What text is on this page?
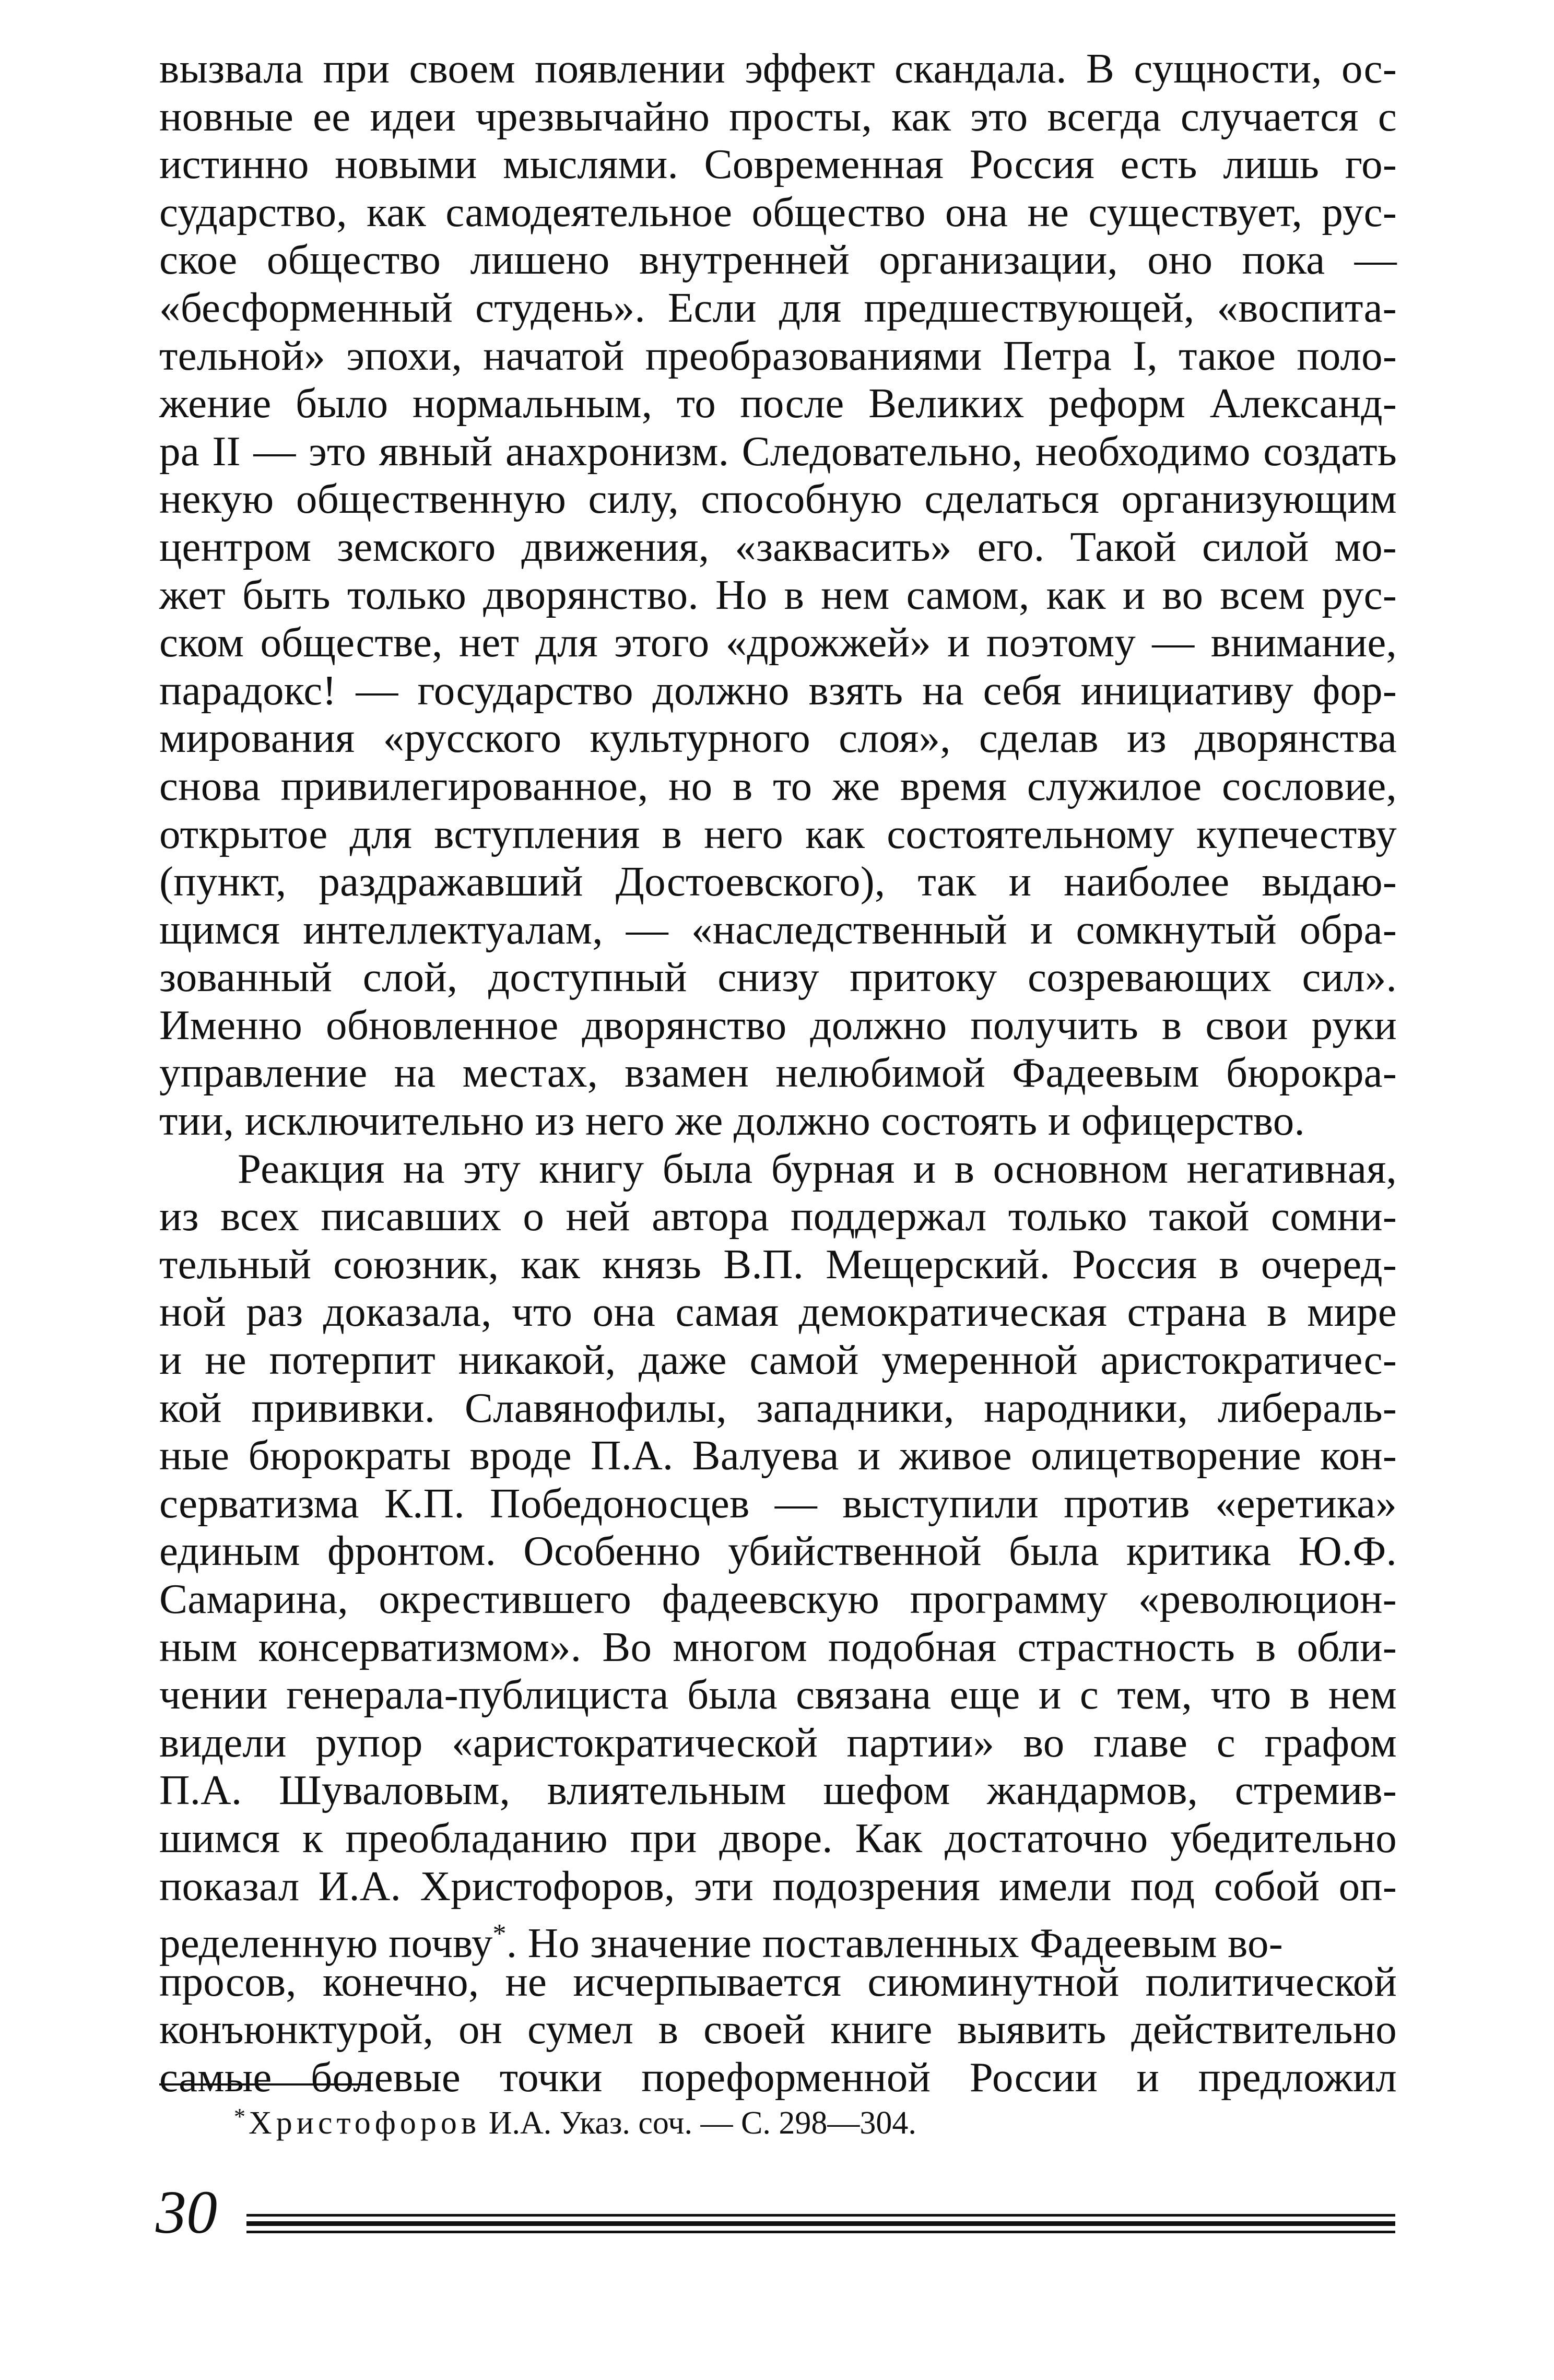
вызвала при своем появлении эффект скандала. В сущности, ос-
новные ее идеи чрезвычайно просты, как это всегда случается с
истинно новыми мыслями. Современная Россия есть лишь го-
сударство, как самодеятельное общество она не существует, рус-
ское общество лишено внутренней организации, оно пока —
«бесформенный студень». Если для предшествующей, «воспита-
тельной» эпохи, начатой преобразованиями Петра I, такое поло-
жение было нормальным, то после Великих реформ Александ-
ра II — это явный анахронизм. Следовательно, необходимо создать
некую общественную силу, способную сделаться организующим
центром земского движения, «заквасить» его. Такой силой мо-
жет быть только дворянство. Но в нем самом, как и во всем рус-
ском обществе, нет для этого «дрожжей» и поэтому — внимание,
парадокс! — государство должно взять на себя инициативу фор-
мирования «русского культурного слоя», сделав из дворянства
снова привилегированное, но в то же время служилое сословие,
открытое для вступления в него как состоятельному купечеству
(пункт, раздражавший Достоевского), так и наиболее выдаю-
щимся интеллектуалам, — «наследственный и сомкнутый обра-
зованный слой, доступный снизу притоку созревающих сил».
Именно обновленное дворянство должно получить в свои руки
управление на местах, взамен нелюбимой Фадеевым бюрокра-
тии, исключительно из него же должно состоять и офицерство.
Реакция на эту книгу была бурная и в основном негативная,
из всех писавших о ней автора поддержал только такой сомни-
тельный союзник, как князь В.П. Мещерский. Россия в очеред-
ной раз доказала, что она самая демократическая страна в мире
и не потерпит никакой, даже самой умеренной аристократичес-
кой прививки. Славянофилы, западники, народники, либераль-
ные бюрократы вроде П.А. Валуева и живое олицетворение кон-
серватизма К.П. Победоносцев — выступили против «еретика»
единым фронтом. Особенно убийственной была критика Ю.Ф.
Самарина, окрестившего фадеевскую программу «революцион-
ным консерватизмом». Во многом подобная страстность в обли-
чении генерала-публициста была связана еще и с тем, что в нем
видели рупор «аристократической партии» во главе с графом
П.А. Шуваловым, влиятельным шефом жандармов, стремив-
шимся к преобладанию при дворе. Как достаточно убедительно
показал И.А. Христофоров, эти подозрения имели под собой оп-
ределенную почву*. Но значение поставленных Фадеевым во-
просов, конечно, не исчерпывается сиюминутной политической
конъюнктурой, он сумел в своей книге выявить действительно
самые болевые точки пореформенной России и предложил
*Христофоров И.А. Указ. соч. — С. 298—304.
30
